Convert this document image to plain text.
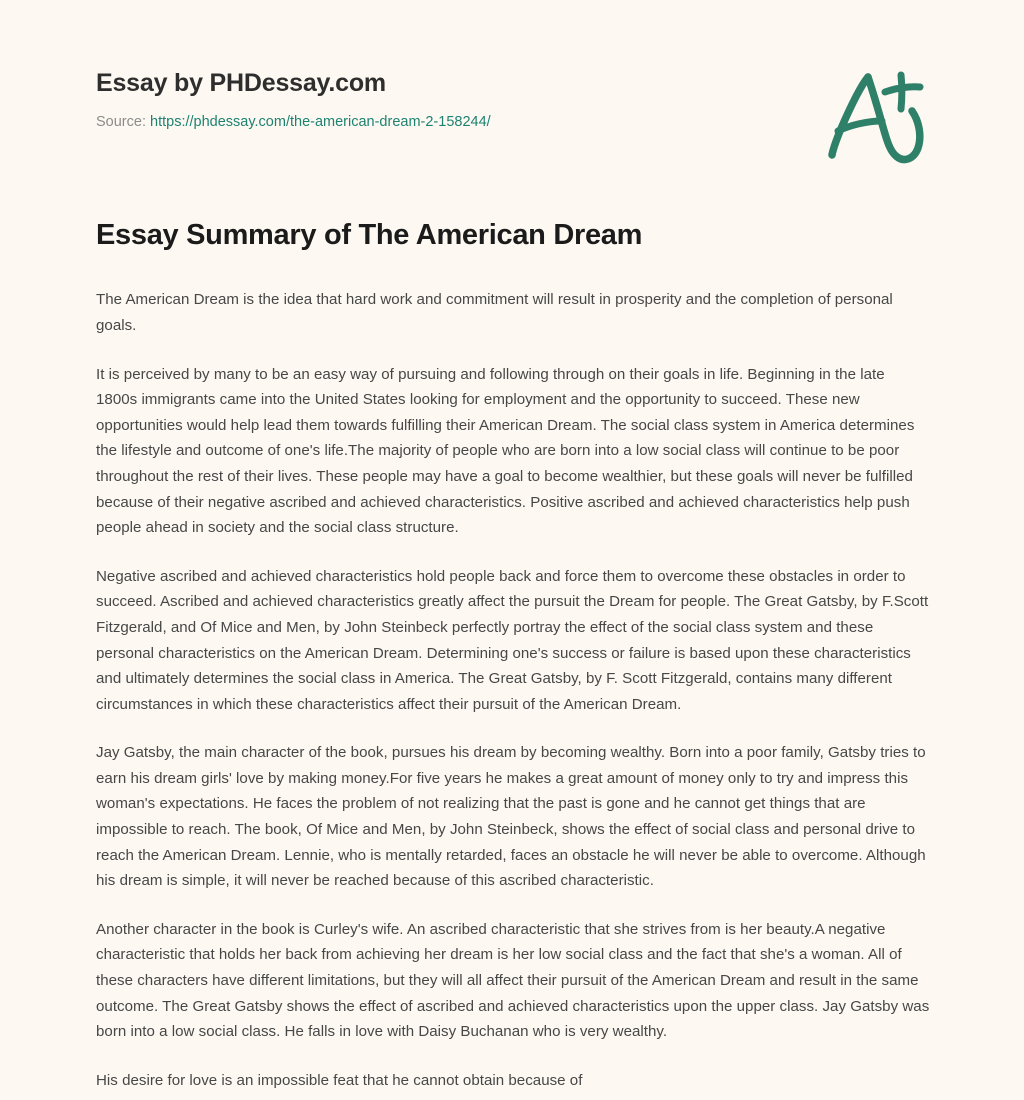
Essay by PHDessay.com
Source: https://phdessay.com/the-american-dream-2-158244/
Essay Summary of The American Dream

The American Dream is the idea that hard work and commitment will result in prosperity and the completion of personal goals.

It is perceived by many to be an easy way of pursuing and following through on their goals in life. Beginning in the late 1800s immigrants came into the United States looking for employment and the opportunity to succeed. These new opportunities would help lead them towards fulfilling their American Dream. The social class system in America determines the lifestyle and outcome of one's life.The majority of people who are born into a low social class will continue to be poor throughout the rest of their lives. These people may have a goal to become wealthier, but these goals will never be fulfilled because of their negative ascribed and achieved characteristics. Positive ascribed and achieved characteristics help push people ahead in society and the social class structure.

Negative ascribed and achieved characteristics hold people back and force them to overcome these obstacles in order to succeed. Ascribed and achieved characteristics greatly affect the pursuit the Dream for people. The Great Gatsby, by F.Scott Fitzgerald, and Of Mice and Men, by John Steinbeck perfectly portray the effect of the social class system and these personal characteristics on the American Dream. Determining one's success or failure is based upon these characteristics and ultimately determines the social class in America. The Great Gatsby, by F. Scott Fitzgerald, contains many different circumstances in which these characteristics affect their pursuit of the American Dream.

Jay Gatsby, the main character of the book, pursues his dream by becoming wealthy. Born into a poor family, Gatsby tries to earn his dream girls' love by making money.For five years he makes a great amount of money only to try and impress this woman's expectations. He faces the problem of not realizing that the past is gone and he cannot get things that are impossible to reach. The book, Of Mice and Men, by John Steinbeck, shows the effect of social class and personal drive to reach the American Dream. Lennie, who is mentally retarded, faces an obstacle he will never be able to overcome. Although his dream is simple, it will never be reached because of this ascribed characteristic.

Another character in the book is Curley's wife. An ascribed characteristic that she strives from is her beauty.A negative characteristic that holds her back from achieving her dream is her low social class and the fact that she's a woman. All of these characters have different limitations, but they will all affect their pursuit of the American Dream and result in the same outcome. The Great Gatsby shows the effect of ascribed and achieved characteristics upon the upper class. Jay Gatsby was born into a low social class. He falls in love with Daisy Buchanan who is very wealthy.

His desire for love is an impossible feat that he cannot obtain because of
